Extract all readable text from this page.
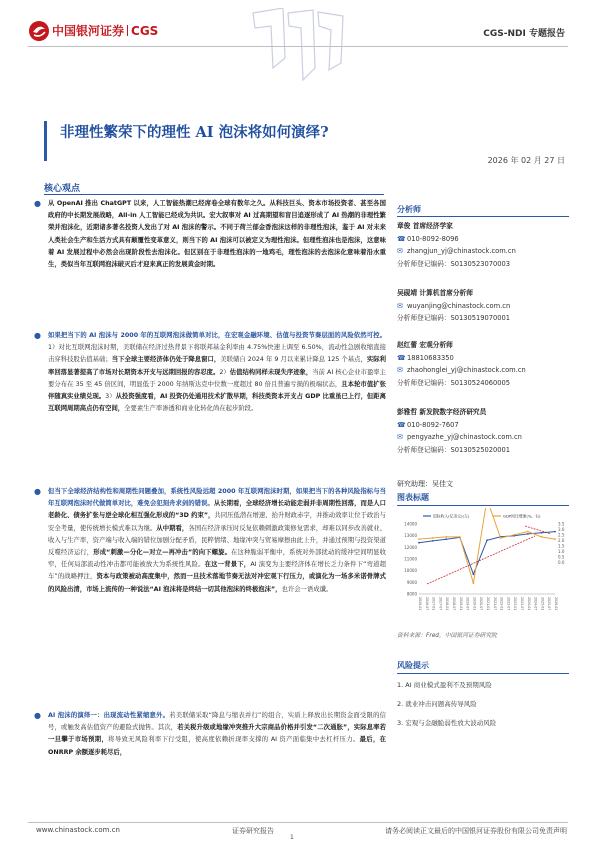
中国银河证券 CGS	CGS-NDI 专题报告
非理性繁荣下的理性 AI 泡沫将如何演绎?
2026 年 02 月 27 日
核心观点
● 从 OpenAI 推出 ChatGPT 以来，人工智能热潮已经席卷全球有数年之久。从科技巨头、资本市场投资者、甚至各国政府的中长期发展战略，All-in 人工智能已经成为共识。宏大叙事对 AI 过高期望和盲目追逐形成了 AI 热潮的非理性繁荣并泡沫化，近期诸多著名投资人发出了对 AI 泡沫的警示。不同于荷兰郁金香泡沫这样的非理性泡沫，鉴于 AI 对未来人类社会生产和生活方式具有颠覆性变革意义，则当下的 AI 泡沫可以被定义为理性泡沫。但理性泡沫也是泡沫，这意味着 AI 发展过程中必然会出现阶段性去泡沫化。但区别在于非理性泡沫的一地鸡毛，理性泡沫的去泡沫化意味着沿水重生，类似当年互联网泡沫破灭后才迎来真正的发展黄金时期。
● 如果把当下的 AI 泡沫与 2000 年的互联网泡沫做简单对比，在宏观金融环境、估值与投资节奏层面的风险依然可控。1）对比互联网泡沫时期，美联储在经济过热背景下将联邦基金利率由 4.75%快速上调至 6.50%，流动性急剧收缩直接击穿科技股估值基础；当下全球主要经济体仍处于降息窗口，美联储自 2024 年 9 月以来累计降息 125 个基点，实际利率回落显著提高了市场对长期资本开支与远期回报的容忍度。2）估值结构同样未现失序迹象，当前 AI 核心企业市盈率主要分布在 35 至 45 倍区间，明显低于 2000 年纳斯达克中位数一度超过 80 倍且普遍亏损的极端状态，且本轮市值扩张伴随真实业绩兑现。3）从投资强度看，AI 投资仍处通用技术扩散早期，科技类资本开支占 GDP 比重虽已上行，但距离互联网周期高点仍有空间，全要素生产率渗透和商业化转化尚在起步阶段。
● 但当下全球经济结构性和周期性问题叠加，系统性风险远超 2000 年互联网泡沫时期，如果把当下的各种风险指标与当年互联网泡沫时代做简单对比，难免会犯刻舟求剑的错误。从长期看，全球经济增长动能走弱并非周期性回落，而是人口老龄化、债务扩张与逆全球化相互强化形成的“3D 约束”，共同压低潜在增速、抬升财政赤字，并推动效率让位于政治与安全考量，使传统增长模式难以为继。从中期看，各国在经济承压时反复依赖刺激政策修复需求，却难以同步改善就业、收入与生产率，资产端与收入端的错位加剧分配矛盾，民粹情绪、地缘冲突与贸易摩擦由此上升，并通过预期与投资渠道反噬经济运行，形成“刺激—分化—对立—再冲击”的向下螺旋。在这种脆弱平衡中，系统对外部扰动的缓冲空间明显收窄，任何局部流动性冲击都可能被放大为系统性风险。在这一背景下，AI 演变为主要经济体在增长乏力条件下“弯道超车”的战略押注，资本与政策被动高度集中，然而一旦技术落地节奏无法对冲宏观下行压力，或演化为一场多米诺骨牌式的风险出清，市场上流传的一种说法“AI 泡沫将是终结一切其他泡沫的终极泡沫”，也许会一语成谶。
● AI 泡沫的演绎一：出现流动性紧缩意外。若美联储采取“降息与缩表并行”的组合，实质上释放出长期资金面受限的信号，或触发高估值资产的避险式抛售。其次，若关税升级或地缘冲突推升大宗商品价格并引发“二次通胀”，实际息率若一旦攀于市场预期，将导致无风险利率下行受阻，使高度依赖折现率支撑的 AI 资产面临集中去杠杆压力。最后，在 ONRRP 余额逐步耗尽后，
分析师
章俊 首席经济学家
☎010-8092-8096
✉ zhangjun_yj@chinastock.com.cn
分析师登记编码：S0130523070003
吴砚靖 计算机首席分析师
✉ wuyanjing@chinastock.com.cn
分析师登记编码：S0130519070001
赵红蕾 宏观分析师
☎18810683350
✉ zhaohonglei_yj@chinastock.com.cn
分析师登记编码：S0130524060005
彭雅哲 新发院数字经济研究员
☎010-8092-7607
✉ pengyazhe_yj@chinastock.com.cn
分析师登记编码：S0130525020001
研究助理：吴佳文
图表标题
14000
13000
12000
11000
10000
9000
8000
3.5
3.0
2.5
2.0
1.5
1.0
0.5
0.0
2016-01 2016-07 2017-01 2017-07 2018-01 2018-07 2019-01 2019-07 2020-01 2020-07 2021-01 2021-07 2022-01 2022-07 2023-01 2023-07 2024-01 2024-07 2025-01 2025-07 2026-01
国际收入(亿美元)(左)	GDP同比增速(%，右)
资料来源：Fred，中国银河证券研究院
风险提示
1. AI 商业模式盈利不及预期风险
2. 就业冲击问题高传导风险
3. 宏观与金融脆弱性放大波动风险
www.chinastock.com.cn	证券研究报告	请务必阅读正文最后的中国银河证券股份有限公司免责声明
1
